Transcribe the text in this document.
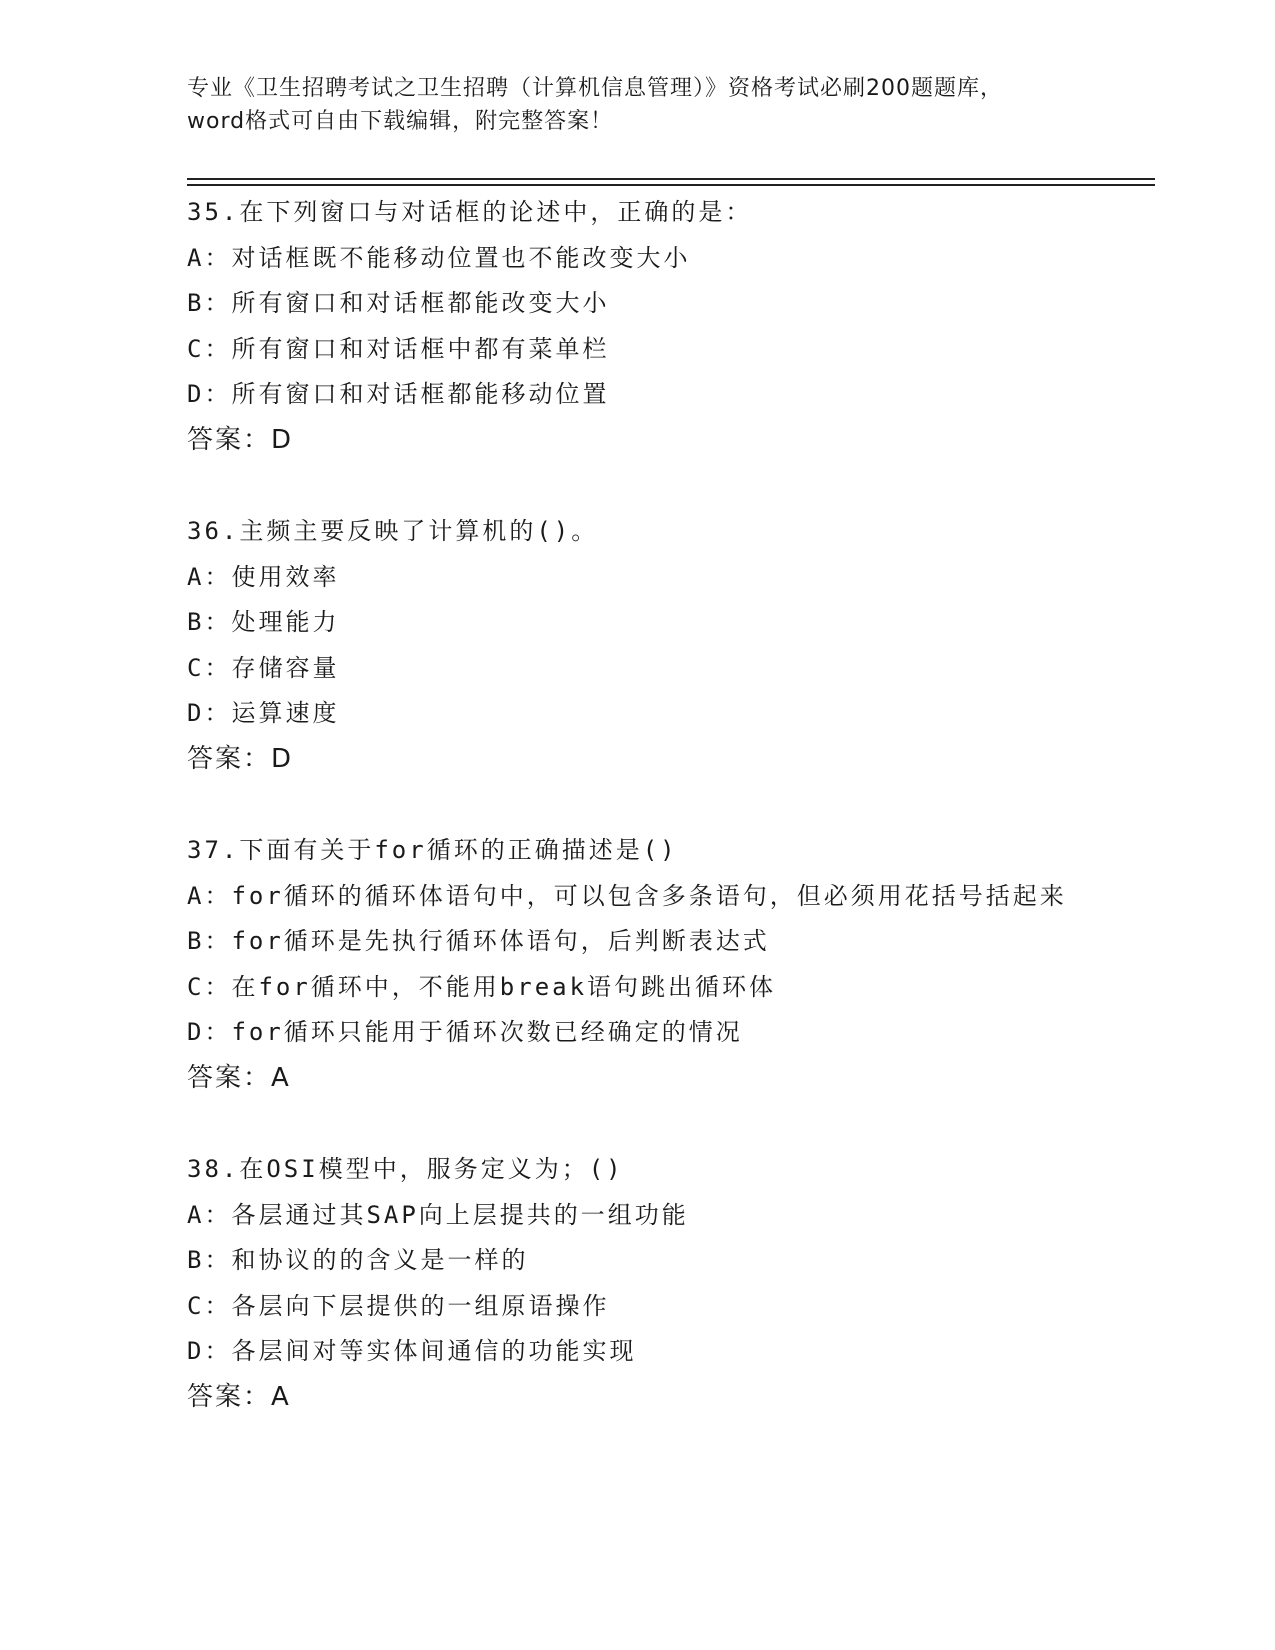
专业《卫生招聘考试之卫生招聘（计算机信息管理）》资格考试必刷200题题库，
word格式可自由下载编辑，附完整答案！
35.在下列窗口与对话框的论述中，正确的是：
A：对话框既不能移动位置也不能改变大小
B：所有窗口和对话框都能改变大小
C：所有窗口和对话框中都有菜单栏
D：所有窗口和对话框都能移动位置
答案：D
36.主频主要反映了计算机的()。
A：使用效率
B：处理能力
C：存储容量
D：运算速度
答案：D
37.下面有关于for循环的正确描述是()
A：for循环的循环体语句中，可以包含多条语句，但必须用花括号括起来
B：for循环是先执行循环体语句，后判断表达式
C：在for循环中，不能用break语句跳出循环体
D：for循环只能用于循环次数已经确定的情况
答案：A
38.在OSI模型中，服务定义为；()
A：各层通过其SAP向上层提共的一组功能
B：和协议的的含义是一样的
C：各层向下层提供的一组原语操作
D：各层间对等实体间通信的功能实现
答案：A
